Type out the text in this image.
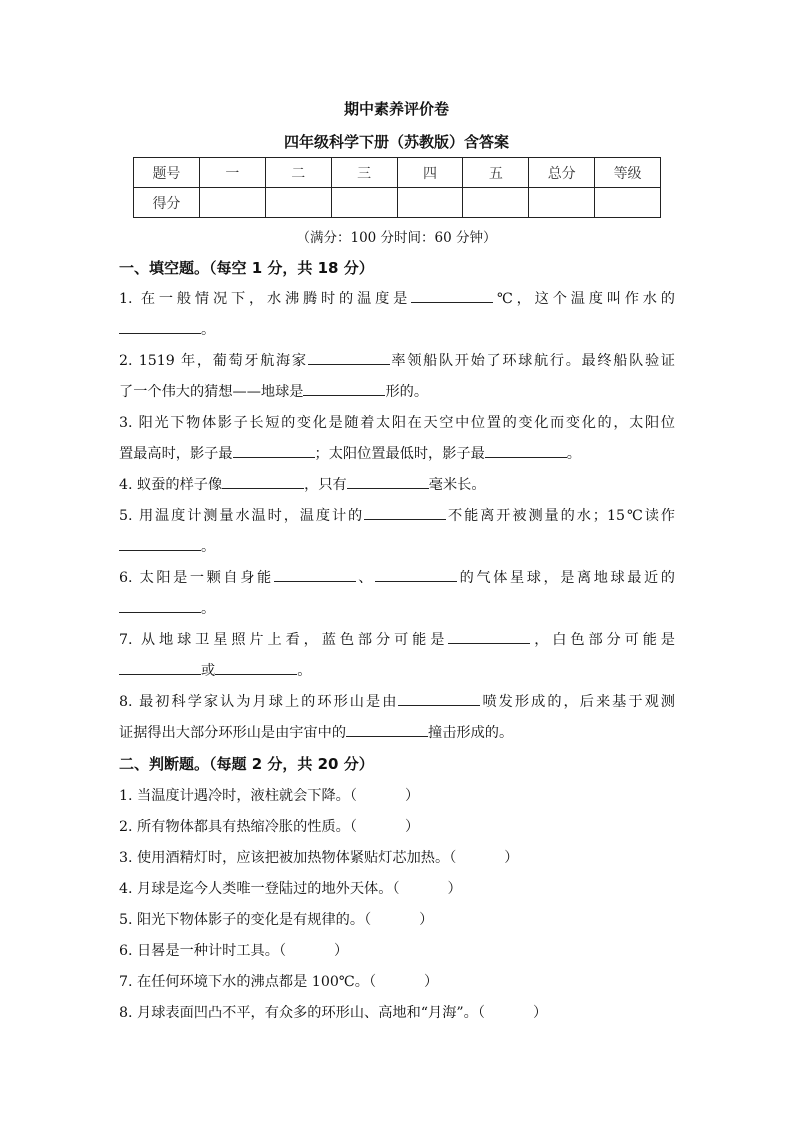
期中素养评价卷
四年级科学下册（苏教版）含答案
题号	一	二	三	四	五	总分	等级
得分							
（满分：100 分时间：60 分钟）
一、填空题。（每空 1 分，共 18 分）
1. 在一般情况下，水沸腾时的温度是	℃，这个温度叫作水的
。
2. 1519 年，葡萄牙航海家	率领船队开始了环球航行。最终船队验证
了一个伟大的猜想——地球是	形的。
3. 阳光下物体影子长短的变化是随着太阳在天空中位置的变化而变化的，太阳位
置最高时，影子最	；太阳位置最低时，影子最	。
4. 蚁蚕的样子像	，只有	毫米长。
5. 用温度计测量水温时，温度计的	不能离开被测量的水；15℃读作
。
6. 太阳是一颗自身能	、	的气体星球，是离地球最近的
。
7. 从地球卫星照片上看，蓝色部分可能是	，白色部分可能是
或	。
8. 最初科学家认为月球上的环形山是由	喷发形成的，后来基于观测
证据得出大部分环形山是由宇宙中的	撞击形成的。
二、判断题。（每题 2 分，共 20 分）
1. 当温度计遇冷时，液柱就会下降。（	）
2. 所有物体都具有热缩冷胀的性质。（	）
3. 使用酒精灯时，应该把被加热物体紧贴灯芯加热。（	）
4. 月球是迄今人类唯一登陆过的地外天体。（	）
5. 阳光下物体影子的变化是有规律的。（	）
6. 日晷是一种计时工具。（	）
7. 在任何环境下水的沸点都是 100℃。（	）
8. 月球表面凹凸不平，有众多的环形山、高地和“月海”。（	）
